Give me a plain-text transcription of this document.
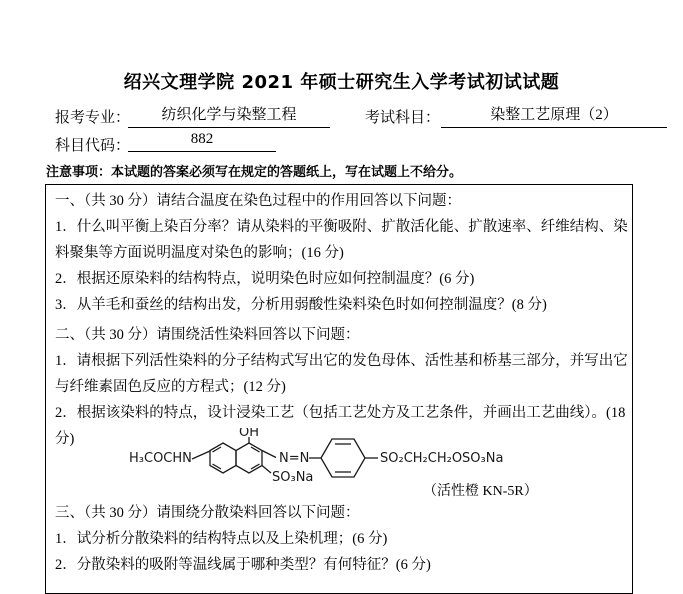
绍兴文理学院 2021 年硕士研究生入学考试初试试题
报考专业：	纺织化学与染整工程	考试科目：	染整工艺原理（2）
科目代码：	882
注意事项：本试题的答案必须写在规定的答题纸上，写在试题上不给分。
一、（共 30 分）请结合温度在染色过程中的作用回答以下问题：
1．什么叫平衡上染百分率？请从染料的平衡吸附、扩散活化能、扩散速率、纤维结构、染
料聚集等方面说明温度对染色的影响；(16 分)
2．根据还原染料的结构特点，说明染色时应如何控制温度？(6 分)
3．从羊毛和蚕丝的结构出发，分析用弱酸性染料染色时如何控制温度？(8 分)
二、（共 30 分）请围绕活性染料回答以下问题：
1．请根据下列活性染料的分子结构式写出它的发色母体、活性基和桥基三部分，并写出它
与纤维素固色反应的方程式；(12 分)
2．根据该染料的特点，设计浸染工艺（包括工艺处方及工艺条件，并画出工艺曲线）。(18
分)
H₃COCHN
OH
N=N	SO₂CH₂CH₂OSO₃Na
SO₃Na
（活性橙 KN-5R）
三、（共 30 分）请围绕分散染料回答以下问题：
1．试分析分散染料的结构特点以及上染机理；(6 分)
2．分散染料的吸附等温线属于哪种类型？有何特征？(6 分)
